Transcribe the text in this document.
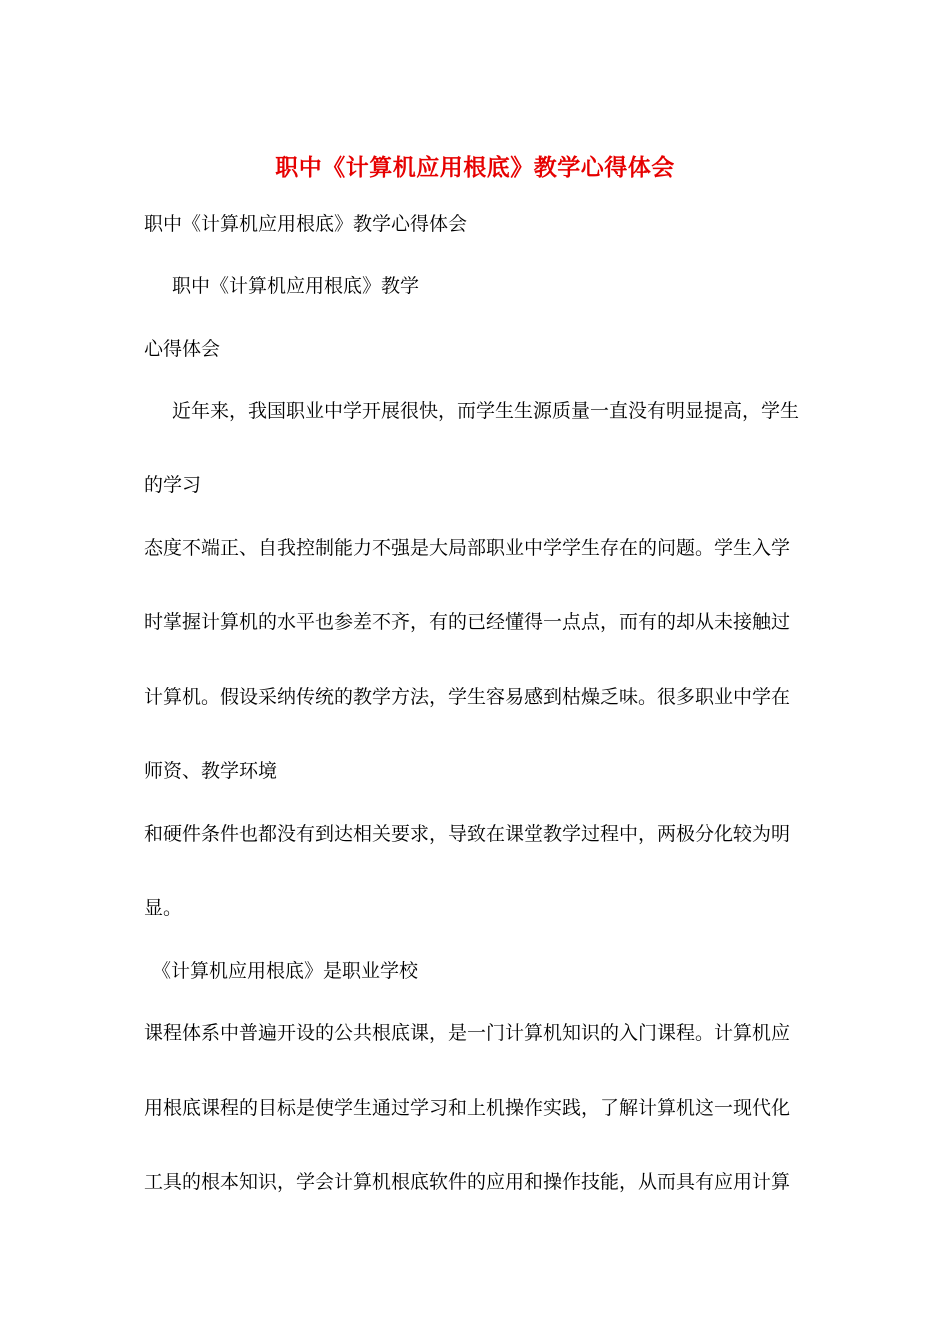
职中《计算机应用根底》教学心得体会
职中《计算机应用根底》教学心得体会
职中《计算机应用根底》教学
心得体会
近年来，我国职业中学开展很快，而学生生源质量一直没有明显提高，学生
的学习
态度不端正、自我控制能力不强是大局部职业中学学生存在的问题。学生入学
时掌握计算机的水平也参差不齐，有的已经懂得一点点，而有的却从未接触过
计算机。假设采纳传统的教学方法，学生容易感到枯燥乏味。很多职业中学在
师资、教学环境
和硬件条件也都没有到达相关要求，导致在课堂教学过程中，两极分化较为明
显。
《计算机应用根底》是职业学校
课程体系中普遍开设的公共根底课，是一门计算机知识的入门课程。计算机应
用根底课程的目标是使学生通过学习和上机操作实践，了解计算机这一现代化
工具的根本知识，学会计算机根底软件的应用和操作技能，从而具有应用计算
